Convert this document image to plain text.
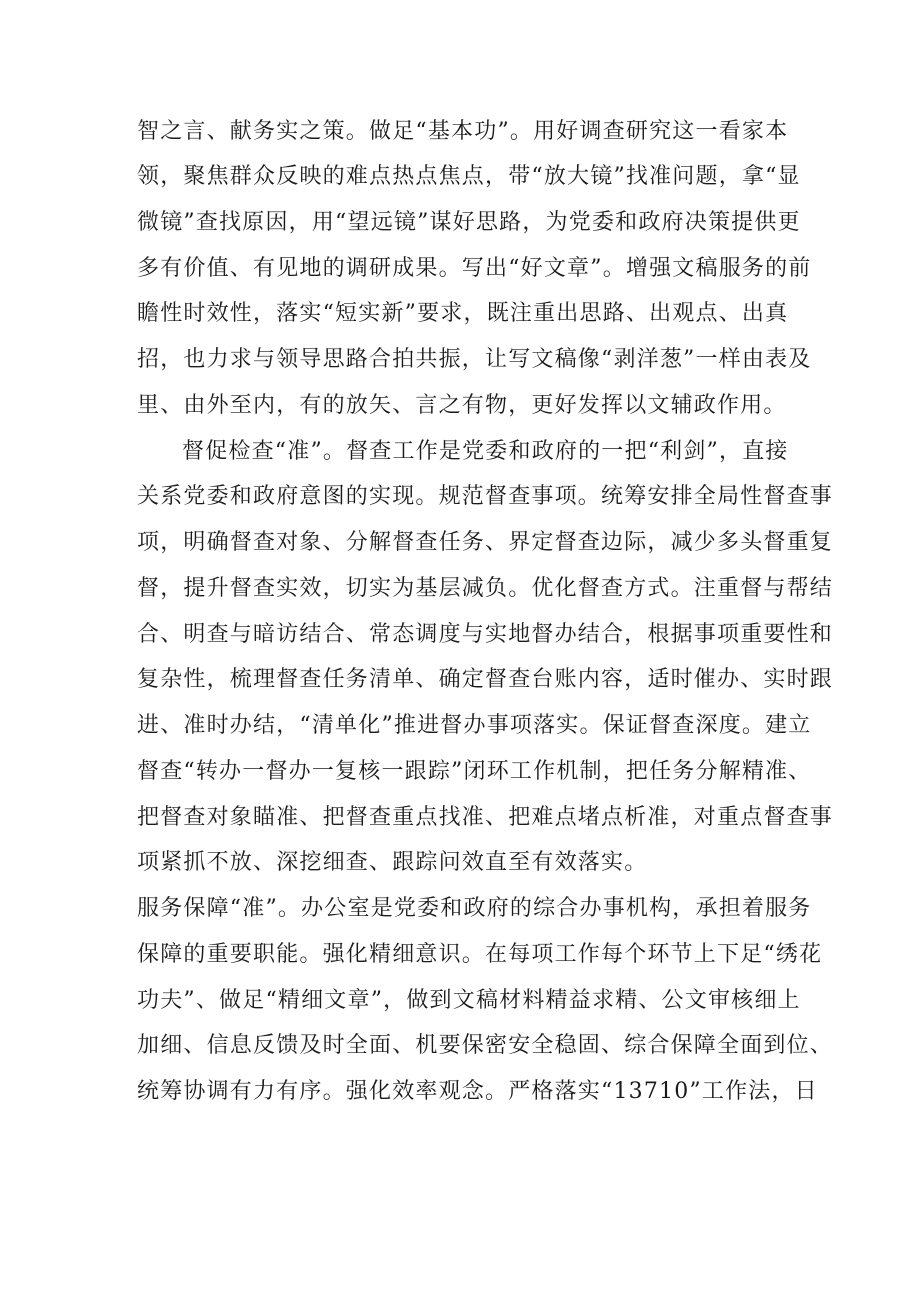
智之言、献务实之策。做足“基本功”。用好调查研究这一看家本

领，聚焦群众反映的难点热点焦点，带“放大镜”找准问题，拿“显

微镜”查找原因，用“望远镜”谋好思路，为党委和政府决策提供更

多有价值、有见地的调研成果。写出“好文章”。增强文稿服务的前

瞻性时效性，落实“短实新”要求，既注重出思路、出观点、出真

招，也力求与领导思路合拍共振，让写文稿像“剥洋葱”一样由表及

里、由外至内，有的放矢、言之有物，更好发挥以文辅政作用。

督促检查“准”。督查工作是党委和政府的一把“利剑”，直接

关系党委和政府意图的实现。规范督查事项。统筹安排全局性督查事

项，明确督查对象、分解督查任务、界定督查边际，减少多头督重复

督，提升督查实效，切实为基层减负。优化督查方式。注重督与帮结

合、明查与暗访结合、常态调度与实地督办结合，根据事项重要性和

复杂性，梳理督查任务清单、确定督查台账内容，适时催办、实时跟

进、准时办结，“清单化”推进督办事项落实。保证督查深度。建立

督查“转办一督办一复核一跟踪”闭环工作机制，把任务分解精准、

把督查对象瞄准、把督查重点找准、把难点堵点析准，对重点督查事

项紧抓不放、深挖细查、跟踪问效直至有效落实。

服务保障“准”。办公室是党委和政府的综合办事机构，承担着服务

保障的重要职能。强化精细意识。在每项工作每个环节上下足“绣花

功夫”、做足“精细文章”，做到文稿材料精益求精、公文审核细上

加细、信息反馈及时全面、机要保密安全稳固、综合保障全面到位、

统筹协调有力有序。强化效率观念。严格落实“13710”工作法，日
